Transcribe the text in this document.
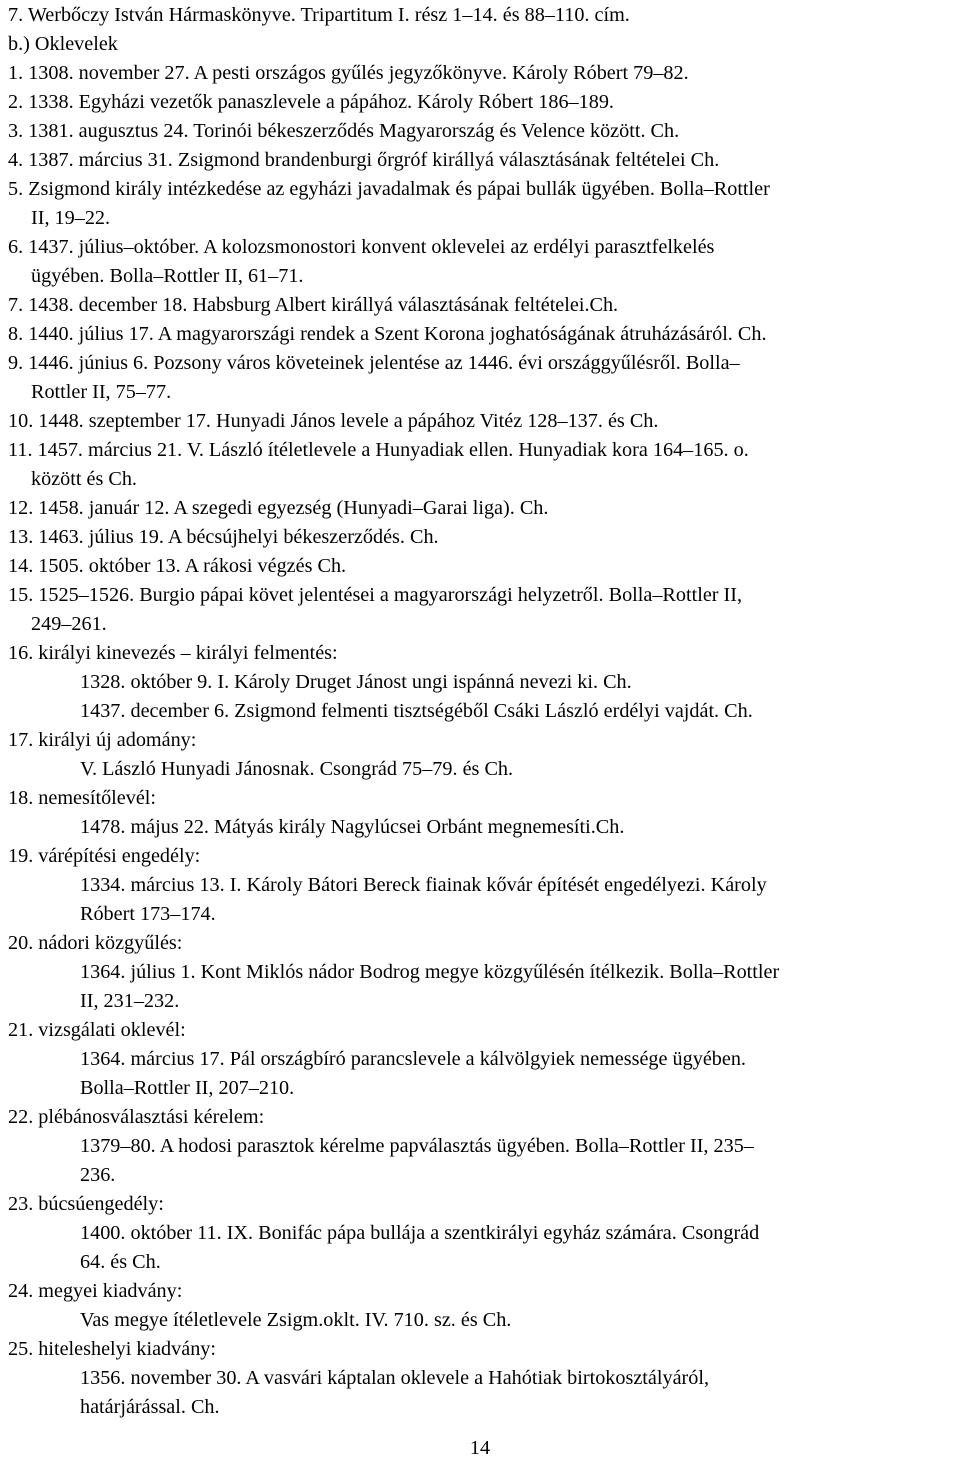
7. Werbőczy István Hármaskönyve. Tripartitum I. rész 1–14. és 88–110. cím.
b.) Oklevelek
1. 1308. november 27. A pesti országos gyűlés jegyzőkönyve. Károly Róbert 79–82.
2. 1338. Egyházi vezetők panaszlevele a pápához. Károly Róbert 186–189.
3. 1381. augusztus 24. Torinói békeszerződés Magyarország és Velence között. Ch.
4. 1387. március 31. Zsigmond brandenburgi őrgróf királlyá választásának feltételei Ch.
5. Zsigmond király intézkedése az egyházi javadalmak és pápai bullák ügyében. Bolla–Rottler
II, 19–22.
6. 1437. július–október. A kolozsmonostori konvent oklevelei az erdélyi parasztfelkelés
ügyében. Bolla–Rottler II, 61–71.
7. 1438. december 18. Habsburg Albert királlyá választásának feltételei.Ch.
8. 1440. július 17. A magyarországi rendek a Szent Korona joghatóságának átruházásáról. Ch.
9. 1446. június 6. Pozsony város követeinek jelentése az 1446. évi országgyűlésről. Bolla–
Rottler II, 75–77.
10. 1448. szeptember 17. Hunyadi János levele a pápához Vitéz 128–137. és Ch.
11. 1457. március 21. V. László ítéletlevele a Hunyadiak ellen. Hunyadiak kora 164–165. o.
között és Ch.
12. 1458. január 12. A szegedi egyezség (Hunyadi–Garai liga). Ch.
13. 1463. július 19. A bécsújhelyi békeszerződés. Ch.
14. 1505. október 13. A rákosi végzés Ch.
15. 1525–1526. Burgio pápai követ jelentései a magyarországi helyzetről. Bolla–Rottler II,
249–261.
16. királyi kinevezés – királyi felmentés:
1328. október 9. I. Károly Druget Jánost ungi ispánná nevezi ki. Ch.
1437. december 6. Zsigmond felmenti tisztségéből Csáki László erdélyi vajdát. Ch.
17. királyi új adomány:
V. László Hunyadi Jánosnak. Csongrád 75–79. és Ch.
18. nemesítőlevél:
1478. május 22. Mátyás király Nagylúcsei Orbánt megnemesíti.Ch.
19. várépítési engedély:
1334. március 13. I. Károly Bátori Bereck fiainak kővár építését engedélyezi. Károly
Róbert 173–174.
20. nádori közgyűlés:
1364. július 1. Kont Miklós nádor Bodrog megye közgyűlésén ítélkezik. Bolla–Rottler
II, 231–232.
21. vizsgálati oklevél:
1364. március 17. Pál országbíró parancslevele a kálvölgyiek nemessége ügyében.
Bolla–Rottler II, 207–210.
22. plébánosválasztási kérelem:
1379–80. A hodosi parasztok kérelme papválasztás ügyében. Bolla–Rottler II, 235–
236.
23. búcsúengedély:
1400. október 11. IX. Bonifác pápa bullája a szentkirályi egyház számára. Csongrád
64. és Ch.
24. megyei kiadvány:
Vas megye ítéletlevele Zsigm.oklt. IV. 710. sz. és Ch.
25. hiteleshelyi kiadvány:
1356. november 30. A vasvári káptalan oklevele a Hahótiak birtokosztályáról,
határjárással. Ch.
14
